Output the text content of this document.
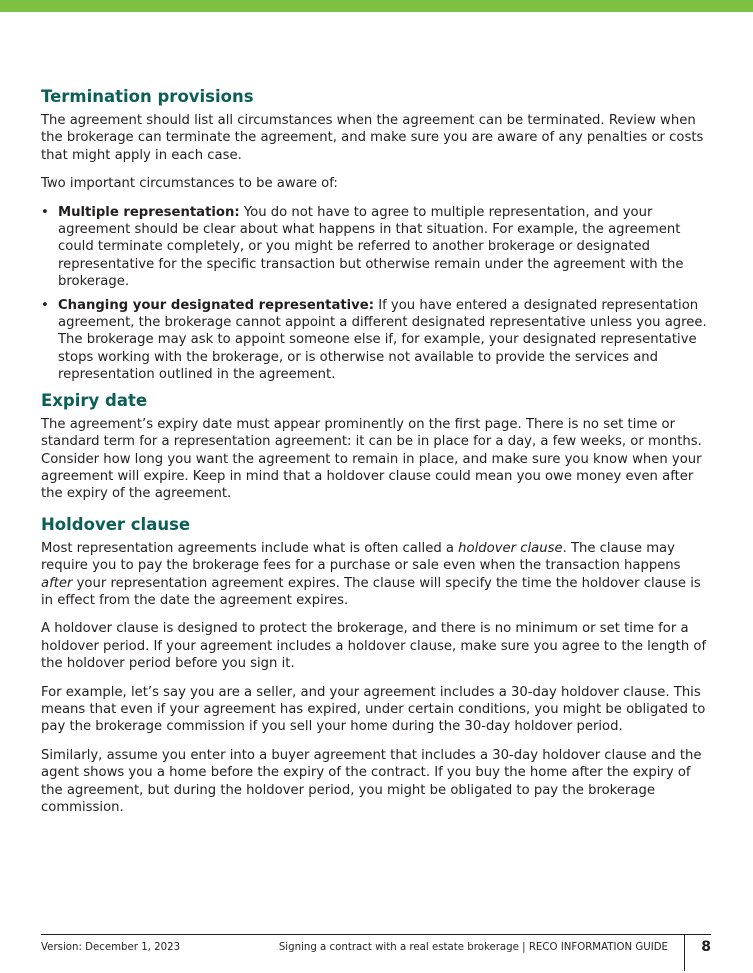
Termination provisions

The agreement should list all circumstances when the agreement can be terminated. Review when the brokerage can terminate the agreement, and make sure you are aware of any penalties or costs that might apply in each case.

Two important circumstances to be aware of:

• Multiple representation: You do not have to agree to multiple representation, and your agreement should be clear about what happens in that situation. For example, the agreement could terminate completely, or you might be referred to another brokerage or designated representative for the specific transaction but otherwise remain under the agreement with the brokerage.
• Changing your designated representative: If you have entered a designated representation agreement, the brokerage cannot appoint a different designated representative unless you agree. The brokerage may ask to appoint someone else if, for example, your designated representative stops working with the brokerage, or is otherwise not available to provide the services and representation outlined in the agreement.
Expiry date

The agreement’s expiry date must appear prominently on the first page. There is no set time or standard term for a representation agreement: it can be in place for a day, a few weeks, or months. Consider how long you want the agreement to remain in place, and make sure you know when your agreement will expire. Keep in mind that a holdover clause could mean you owe money even after the expiry of the agreement.

Holdover clause

Most representation agreements include what is often called a holdover clause. The clause may require you to pay the brokerage fees for a purchase or sale even when the transaction happens after your representation agreement expires. The clause will specify the time the holdover clause is in effect from the date the agreement expires.

A holdover clause is designed to protect the brokerage, and there is no minimum or set time for a holdover period. If your agreement includes a holdover clause, make sure you agree to the length of the holdover period before you sign it.

For example, let’s say you are a seller, and your agreement includes a 30-day holdover clause. This means that even if your agreement has expired, under certain conditions, you might be obligated to pay the brokerage commission if you sell your home during the 30-day holdover period.

Similarly, assume you enter into a buyer agreement that includes a 30-day holdover clause and the agent shows you a home before the expiry of the contract. If you buy the home after the expiry of the agreement, but during the holdover period, you might be obligated to pay the brokerage commission.

Version: December 1, 2023	Signing a contract with a real estate brokerage | RECO INFORMATION GUIDE 8
